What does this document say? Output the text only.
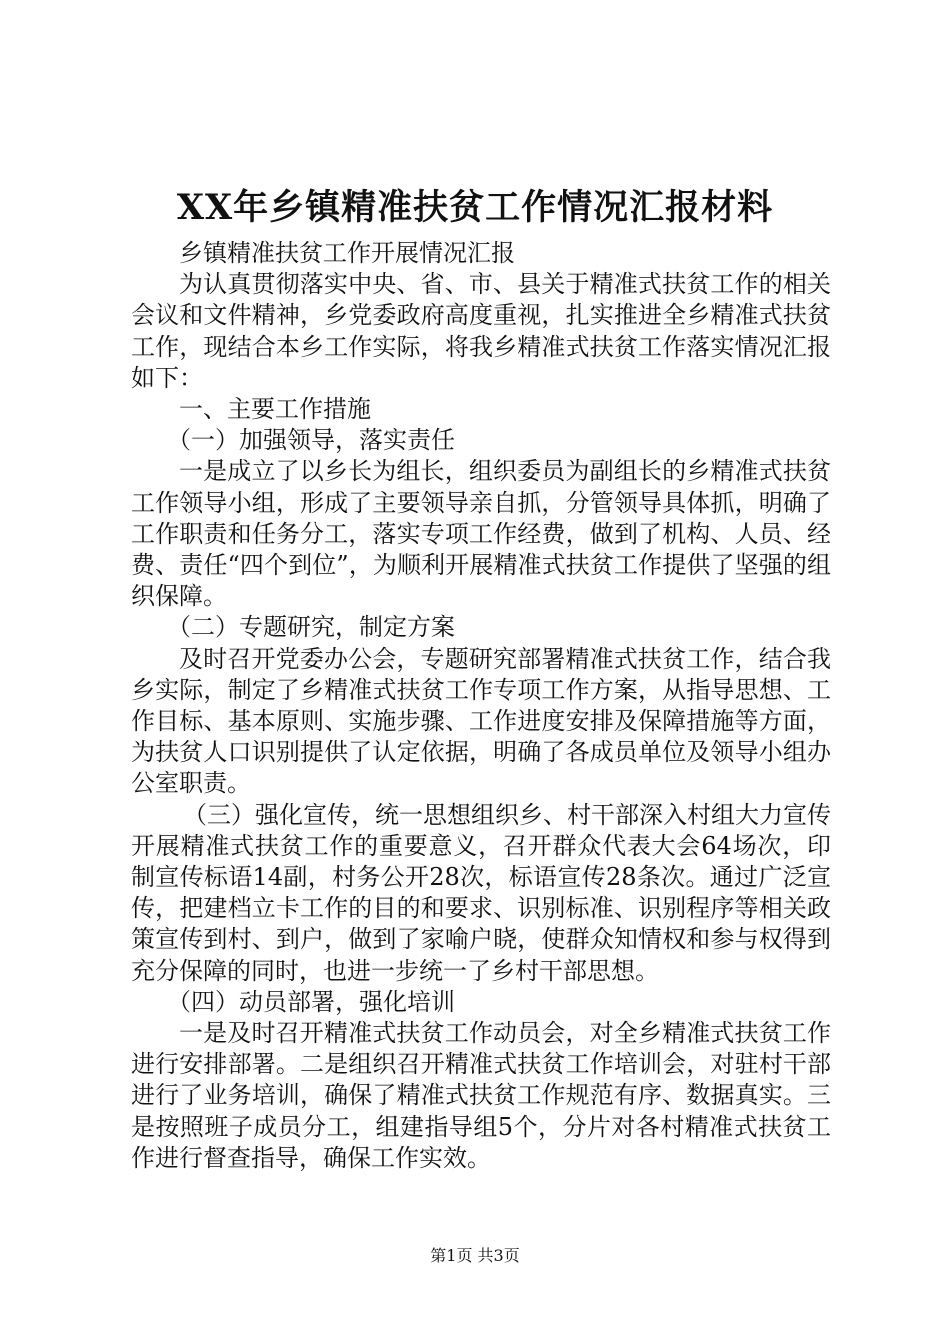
XX年乡镇精准扶贫工作情况汇报材料

乡镇精准扶贫工作开展情况汇报

为认真贯彻落实中央、省、市、县关于精准式扶贫工作的相关会议和文件精神，乡党委政府高度重视，扎实推进全乡精准式扶贫工作，现结合本乡工作实际，将我乡精准式扶贫工作落实情况汇报如下：

一、主要工作措施

（一）加强领导，落实责任

一是成立了以乡长为组长，组织委员为副组长的乡精准式扶贫工作领导小组，形成了主要领导亲自抓，分管领导具体抓，明确了工作职责和任务分工，落实专项工作经费，做到了机构、人员、经费、责任“四个到位”，为顺利开展精准式扶贫工作提供了坚强的组织保障。

（二）专题研究，制定方案

及时召开党委办公会，专题研究部署精准式扶贫工作，结合我乡实际，制定了乡精准式扶贫工作专项工作方案，从指导思想、工作目标、基本原则、实施步骤、工作进度安排及保障措施等方面，为扶贫人口识别提供了认定依据，明确了各成员单位及领导小组办公室职责。

（三）强化宣传，统一思想组织乡、村干部深入村组大力宣传开展精准式扶贫工作的重要意义，召开群众代表大会64场次，印制宣传标语14副，村务公开28次，标语宣传28条次。通过广泛宣传，把建档立卡工作的目的和要求、识别标准、识别程序等相关政策宣传到村、到户，做到了家喻户晓，使群众知情权和参与权得到充分保障的同时，也进一步统一了乡村干部思想。

（四）动员部署，强化培训

一是及时召开精准式扶贫工作动员会，对全乡精准式扶贫工作进行安排部署。二是组织召开精准式扶贫工作培训会，对驻村干部进行了业务培训，确保了精准式扶贫工作规范有序、数据真实。三是按照班子成员分工，组建指导组5个，分片对各村精准式扶贫工作进行督查指导，确保工作实效。

第1页 共3页
